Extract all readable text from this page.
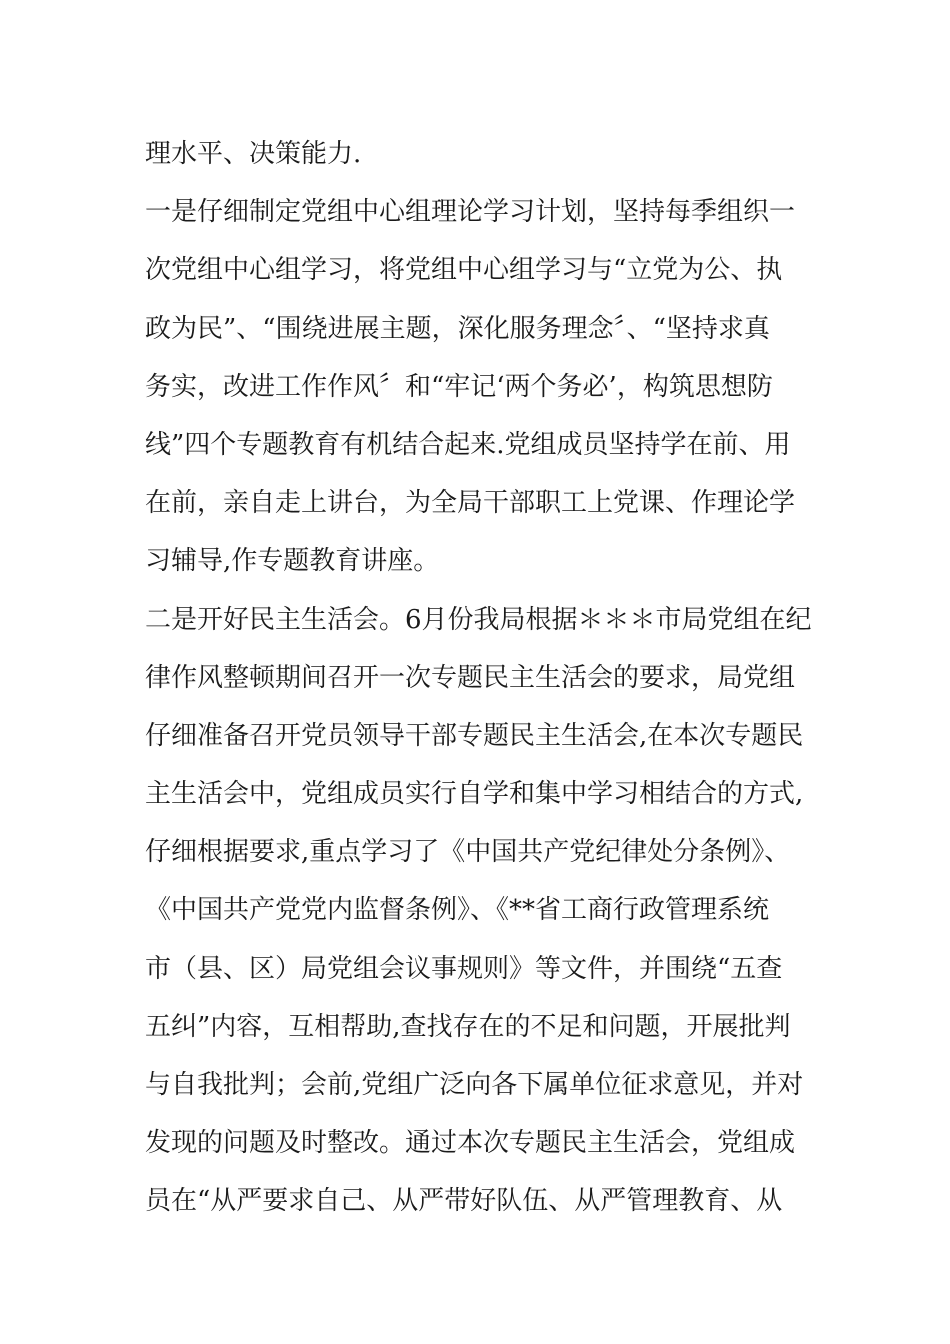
理水平、决策能力.
一是仔细制定党组中心组理论学习计划，坚持每季组织一
次党组中心组学习，将党组中心组学习与“立党为公、执
政为民”、“围绕进展主题，深化服务理念〞、“坚持求真
务实，改进工作作风〞和“牢记‘两个务必’，构筑思想防
线”四个专题教育有机结合起来.党组成员坚持学在前、用
在前，亲自走上讲台，为全局干部职工上党课、作理论学
习辅导,作专题教育讲座。
二是开好民主生活会。6月份我局根据＊＊＊市局党组在纪
律作风整顿期间召开一次专题民主生活会的要求，局党组
仔细准备召开党员领导干部专题民主生活会,在本次专题民
主生活会中，党组成员实行自学和集中学习相结合的方式,
仔细根据要求,重点学习了《中国共产党纪律处分条例》、
《中国共产党党内监督条例》、《**省工商行政管理系统
市（县、区）局党组会议事规则》等文件，并围绕“五查
五纠”内容，互相帮助,查找存在的不足和问题，开展批判
与自我批判；会前,党组广泛向各下属单位征求意见，并对
发现的问题及时整改。通过本次专题民主生活会，党组成
员在“从严要求自己、从严带好队伍、从严管理教育、从
